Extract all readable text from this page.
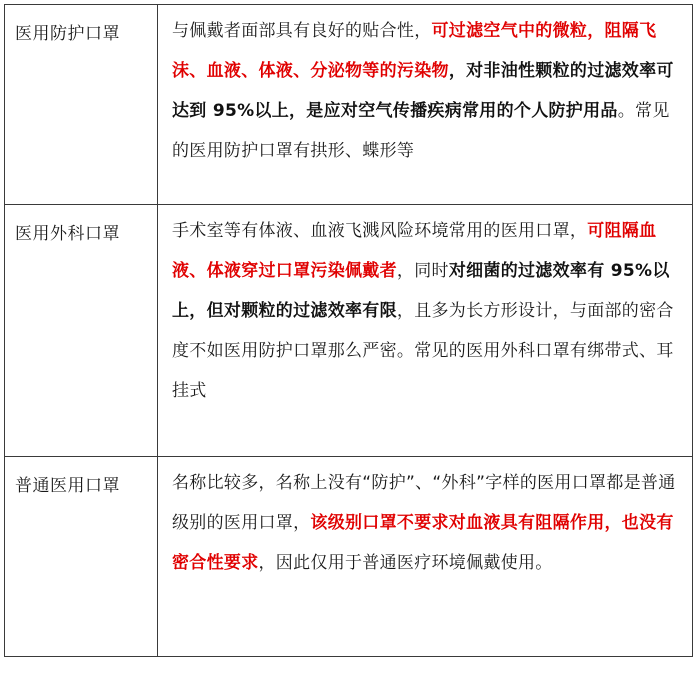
医用防护口罩	与佩戴者面部具有良好的贴合性，可过滤空气中的微粒，阻隔飞沫、血液、体液、分泌物等的污染物，对非油性颗粒的过滤效率可达到 95%以上，是应对空气传播疾病常用的个人防护用品。常见的医用防护口罩有拱形、蝶形等
医用外科口罩	手术室等有体液、血液飞溅风险环境常用的医用口罩，可阻隔血液、体液穿过口罩污染佩戴者，同时对细菌的过滤效率有 95%以上，但对颗粒的过滤效率有限，且多为长方形设计，与面部的密合度不如医用防护口罩那么严密。常见的医用外科口罩有绑带式、耳挂式
普通医用口罩	名称比较多，名称上没有“防护”、“外科”字样的医用口罩都是普通级别的医用口罩，该级别口罩不要求对血液具有阻隔作用，也没有密合性要求，因此仅用于普通医疗环境佩戴使用。
